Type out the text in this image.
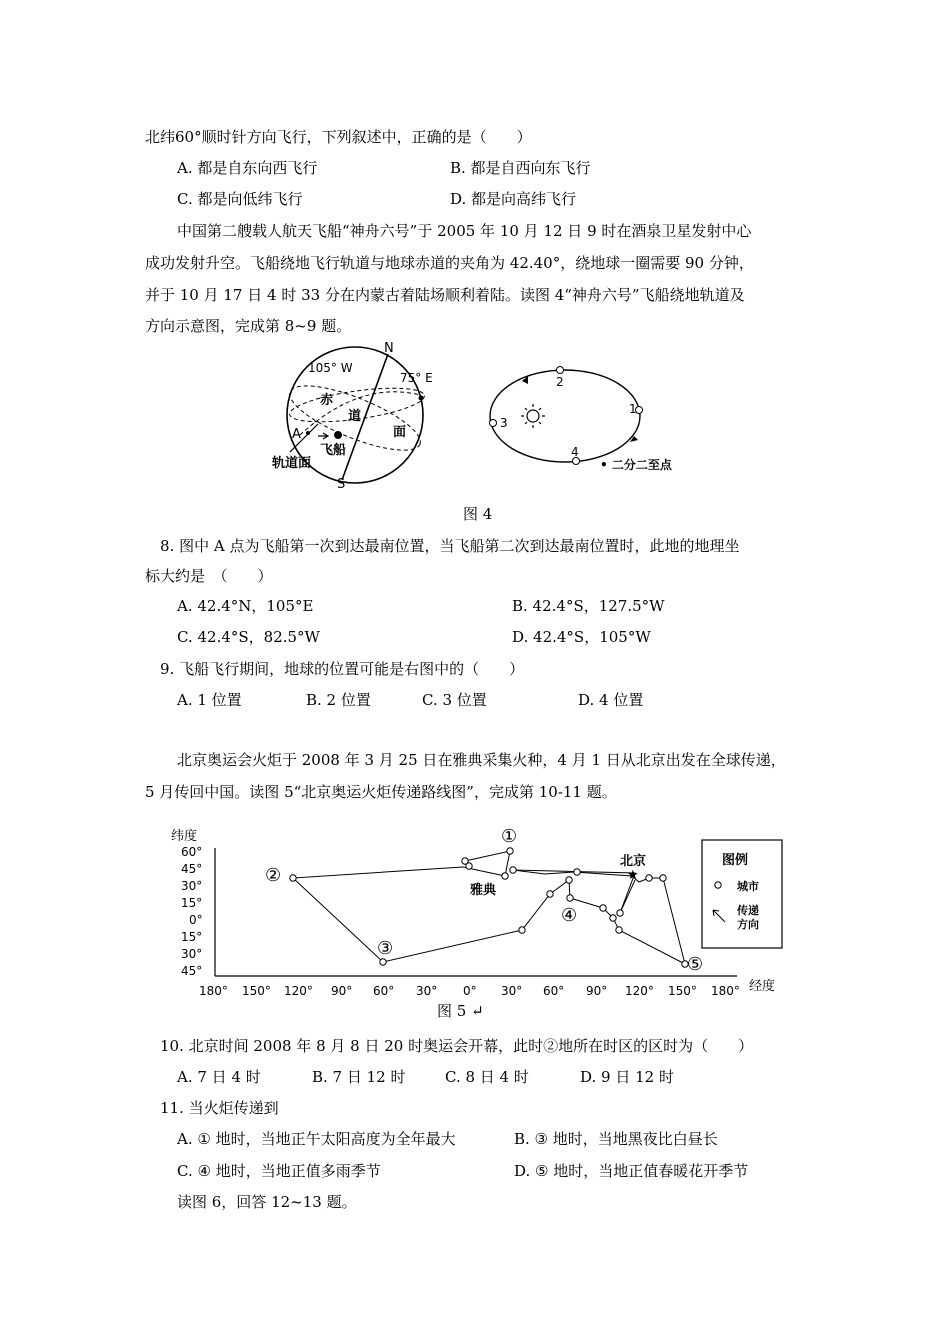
北纬60°顺时针方向飞行，下列叙述中，正确的是（　　）
A. 都是自东向西飞行	B. 都是自西向东飞行
C. 都是向低纬飞行	D. 都是向高纬飞行
中国第二艘载人航天飞船“神舟六号”于 2005 年 10 月 12 日 9 时在酒泉卫星发射中心
成功发射升空。飞船绕地飞行轨道与地球赤道的夹角为 42.40°，绕地球一圈需要 90 分钟，
并于 10 月 17 日 4 时 33 分在内蒙古着陆场顺利着陆。读图 4“神舟六号”飞船绕地轨道及
方向示意图，完成第 8~9 题。
N
S
105° W
75° E
赤
道
面
A
飞船
轨道面
1
2
3
4
• 二分二至点
图 4
8. 图中 A 点为飞船第一次到达最南位置，当飞船第二次到达最南位置时，此地的地理坐
标大约是　（　　）
A. 42.4°N，105°E	B. 42.4°S，127.5°W
C. 42.4°S，82.5°W	D. 42.4°S，105°W
9. 飞船飞行期间，地球的位置可能是右图中的（　　）
A. 1 位置	B. 2 位置	C. 3 位置	D. 4 位置
北京奥运会火炬于 2008 年 3 月 25 日在雅典采集火种，4 月 1 日从北京出发在全球传递，
5 月传回中国。读图 5“北京奥运火炬传递路线图”，完成第 10-11 题。
纬度
经度
60°
45°
30°
15°
0°
15°
30°
45°
180° 150° 120° 90° 60° 30° 0° 30° 60° 90° 120° 150° 180°
★
北京
雅典
①
②
③
④
⑤
图例
城市
传递
方向
图 5 ↵
10. 北京时间 2008 年 8 月 8 日 20 时奥运会开幕，此时②地所在时区的区时为（　　）
A. 7 日 4 时	B. 7 日 12 时	C. 8 日 4 时	D. 9 日 12 时
11. 当火炬传递到
A. ① 地时，当地正午太阳高度为全年最大	B. ③ 地时，当地黑夜比白昼长
C. ④ 地时，当地正值多雨季节	D. ⑤ 地时，当地正值春暖花开季节
读图 6，回答 12~13 题。
